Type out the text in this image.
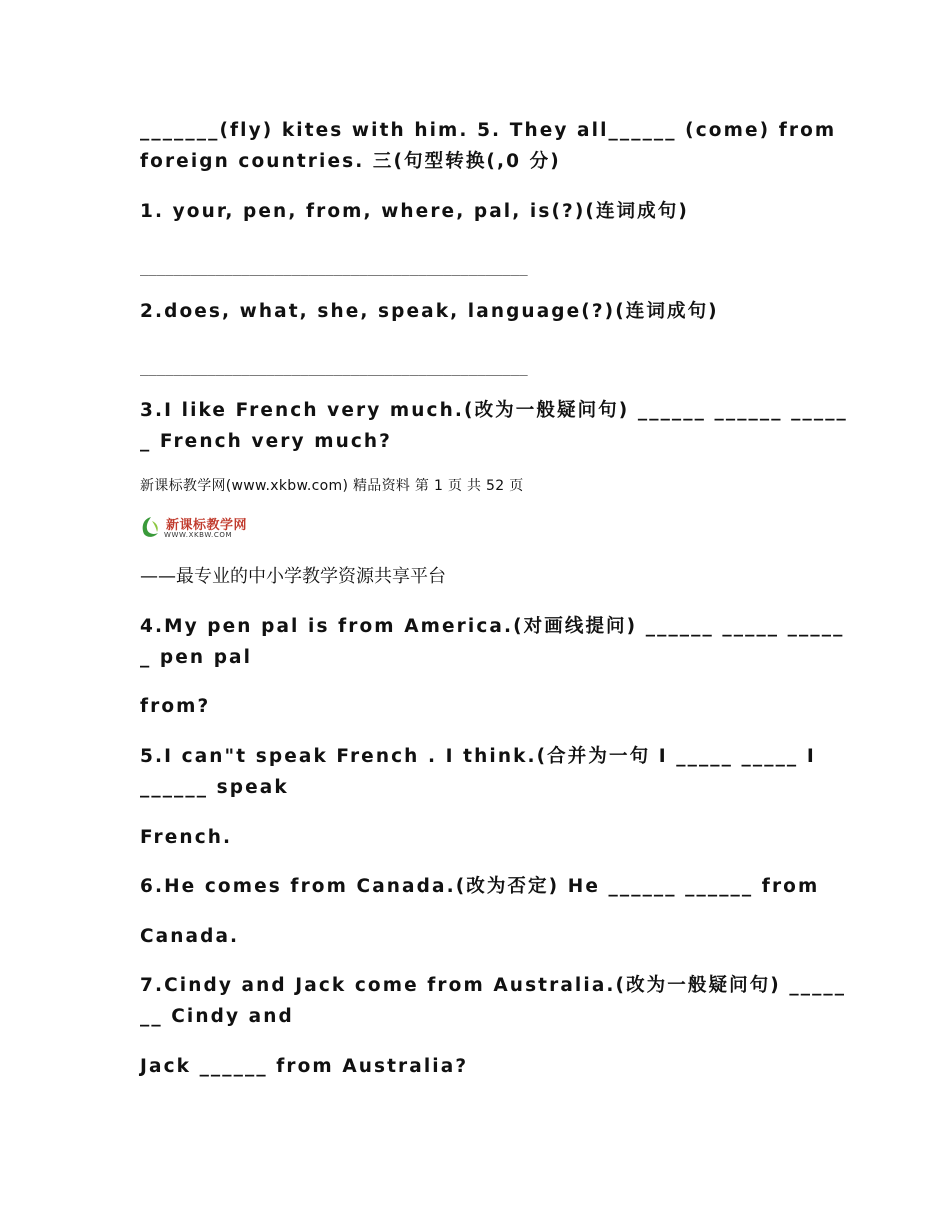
_______(fly) kites with him. 5. They all______ (come) from
foreign countries. 三(句型转换(,0 分)
1. your, pen, from, where, pal, is(?)(连词成句)
______________________________________________
2.does, what, she, speak, language(?)(连词成句)
______________________________________________
3.I like French very much.(改为一般疑问句) ______ ______ _____
_ French very much?
新课标教学网(www.xkbw.com) 精品资料 第 1 页 共 52 页
新课标教学网
WWW.XKBW.COM
——最专业的中小学教学资源共享平台
4.My pen pal is from America.(对画线提问) ______ _____ _____
_ pen pal
from?
5.I can"t speak French . I think.(合并为一句 I _____ _____ I
______ speak
French.
6.He comes from Canada.(改为否定) He ______ ______ from
Canada.
7.Cindy and Jack come from Australia.(改为一般疑问句) _____
__ Cindy and
Jack ______ from Australia?
